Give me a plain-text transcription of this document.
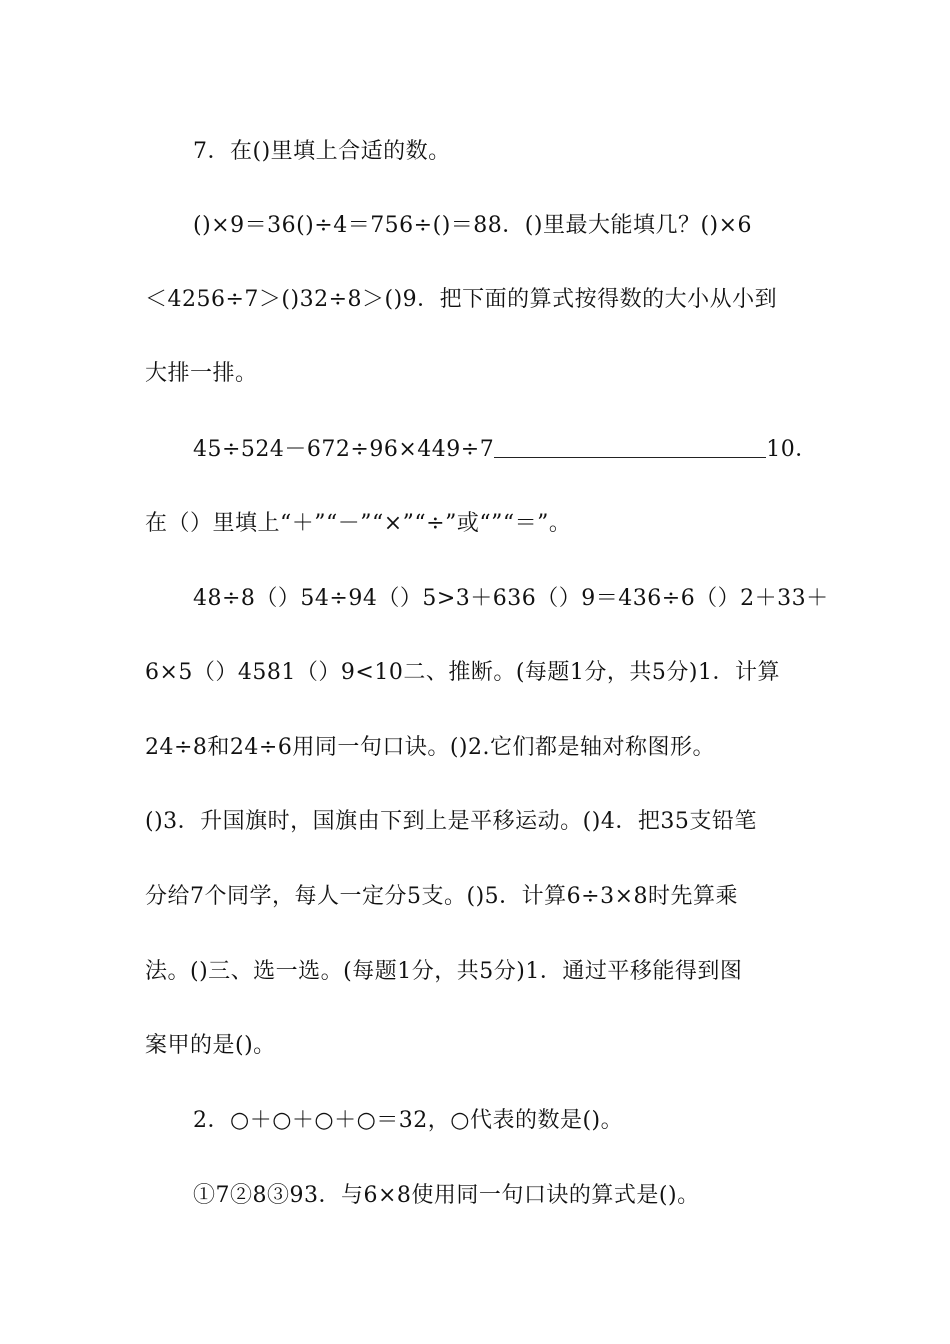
7．在()里填上合适的数。
()×9＝36()÷4＝756÷()＝88．()里最大能填几？()×6
＜4256÷7＞()32÷8＞()9．把下面的算式按得数的大小从小到
大排一排。
45÷524－672÷96×449÷7	10．
在（）里填上“＋”“－”“×”“÷”或“”“＝”。
48÷8（）54÷94（）5>3＋636（）9＝436÷6（）2＋33＋
6×5（）4581（）9<10二、推断。(每题1分，共5分)1．计算
24÷8和24÷6用同一句口诀。()2.它们都是轴对称图形。
()3．升国旗时，国旗由下到上是平移运动。()4．把35支铅笔
分给7个同学，每人一定分5支。()5．计算6÷3×8时先算乘
法。()三、选一选。(每题1分，共5分)1．通过平移能得到图
案甲的是()。
2．○＋○＋○＋○＝32，○代表的数是()。
①7②8③93．与6×8使用同一句口诀的算式是()。
